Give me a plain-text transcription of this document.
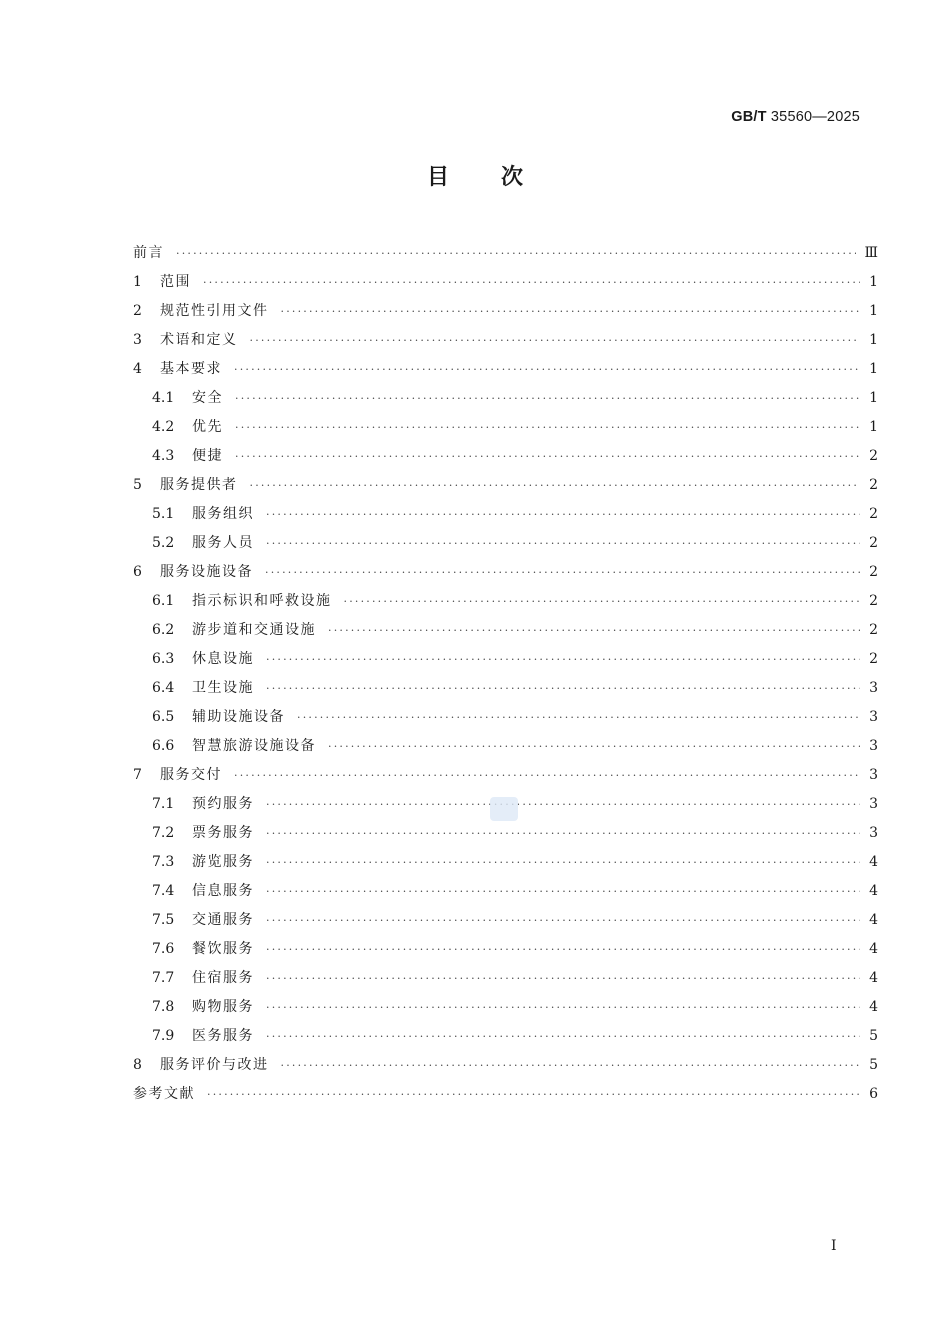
GB/T 35560—2025
目 次
前言 ·····	Ⅲ
1	范围 ·····	1
2	规范性引用文件 ·····	1
3	术语和定义 ·····	1
4	基本要求 ·····	1
4.1	安全 ·····	1
4.2	优先 ·····	1
4.3	便捷 ·····	2
5	服务提供者 ·····	2
5.1	服务组织 ·····	2
5.2	服务人员 ·····	2
6	服务设施设备 ·····	2
6.1	指示标识和呼救设施 ·····	2
6.2	游步道和交通设施 ·····	2
6.3	休息设施 ·····	2
6.4	卫生设施 ·····	3
6.5	辅助设施设备 ·····	3
6.6	智慧旅游设施设备 ·····	3
7	服务交付 ·····	3
7.1	预约服务 ·····	3
7.2	票务服务 ·····	3
7.3	游览服务 ·····	4
7.4	信息服务 ·····	4
7.5	交通服务 ·····	4
7.6	餐饮服务 ·····	4
7.7	住宿服务 ·····	4
7.8	购物服务 ·····	4
7.9	医务服务 ·····	5
8	服务评价与改进 ·····	5
参考文献 ·····	6
I
